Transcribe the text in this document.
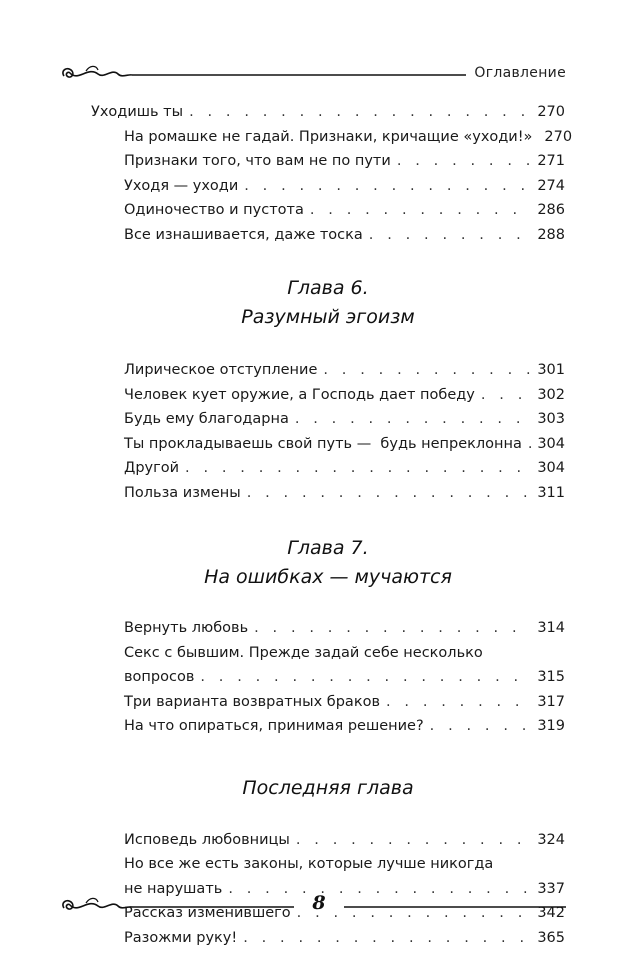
Оглавление
Уходишь ты . . .	270
На ромашке не гадай. Признаки, кричащие «уходи!» 270
Признаки того, что вам не по пути . . .	271
Уходя — уходи . . .	274
Одиночество и пустота . . .	286
Все изнашивается, даже тоска . . .	288
Глава 6.
Разумный эгоизм
Лирическое отступление . . .	301
Человек кует оружие, а Господь дает победу . . .	302
Будь ему благодарна . . .	303
Ты прокладываешь свой путь —  будь непреклонна . . . 304
Другой . . .	304
Польза измены . . .	311
Глава 7.
На ошибках — мучаются
Вернуть любовь . . .	314
Секс с бывшим. Прежде задай себе несколько
вопросов . . .	315
Три варианта возвратных браков . . .	317
На что опираться, принимая решение? . . .	319
Последняя глава
Исповедь любовницы . . .	324
Но все же есть законы, которые лучше никогда
не нарушать . . .	337
Рассказ изменившего . . .	342
Разожми руку! . . .	365
8
